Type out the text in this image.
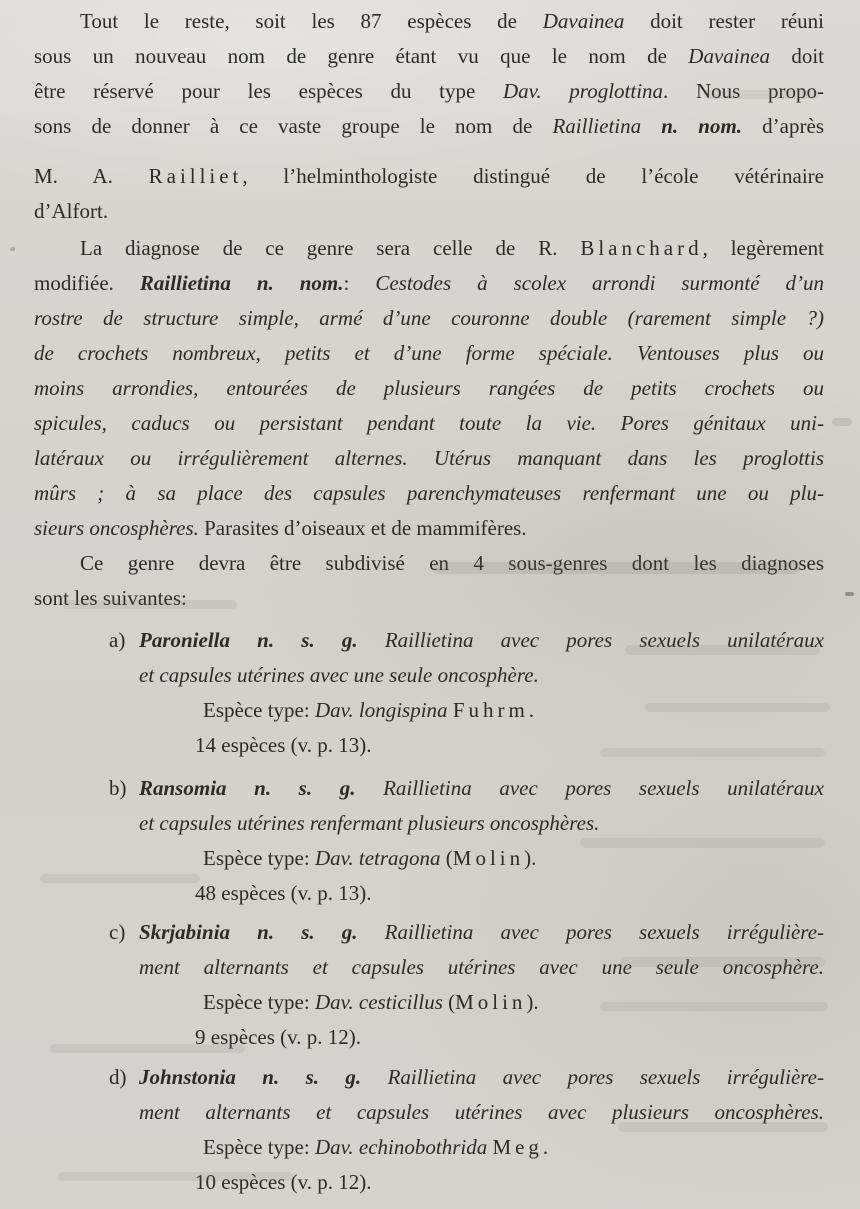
Tout le reste, soit les 87 espèces de Davainea doit rester réuni
sous un nouveau nom de genre étant vu que le nom de Davainea doit
être réservé pour les espèces du type Dav. proglottina. Nous propo-
sons de donner à ce vaste groupe le nom de Raillietina n. nom. d’après
M. A. Railliet, l’helminthologiste distingué de l’école vétérinaire
d’Alfort.
La diagnose de ce genre sera celle de R. Blanchard, legèrement
modifiée. Raillietina n. nom.: Cestodes à scolex arrondi surmonté d’un
rostre de structure simple, armé d’une couronne double (rarement simple ?)
de crochets nombreux, petits et d’une forme spéciale. Ventouses plus ou
moins arrondies, entourées de plusieurs rangées de petits crochets ou
spicules, caducs ou persistant pendant toute la vie. Pores génitaux uni-
latéraux ou irrégulièrement alternes. Utérus manquant dans les proglottis
mûrs ; à sa place des capsules parenchymateuses renfermant une ou plu-
sieurs oncosphères. Parasites d’oiseaux et de mammifères.
Ce genre devra être subdivisé en 4 sous-genres dont les diagnoses
sont les suivantes:
a) Paroniella n. s. g. Raillietina avec pores sexuels unilatéraux
et capsules utérines avec une seule oncosphère.
Espèce type: Dav. longispina Fuhrm.
14 espèces (v. p. 13).
b) Ransomia n. s. g. Raillietina avec pores sexuels unilatéraux
et capsules utérines renfermant plusieurs oncosphères.
Espèce type: Dav. tetragona (Molin).
48 espèces (v. p. 13).
c) Skrjabinia n. s. g. Raillietina avec pores sexuels irrégulière-
ment alternants et capsules utérines avec une seule oncosphère.
Espèce type: Dav. cesticillus (Molin).
9 espèces (v. p. 12).
d) Johnstonia n. s. g. Raillietina avec pores sexuels irrégulière-
ment alternants et capsules utérines avec plusieurs oncosphères.
Espèce type: Dav. echinobothrida Meg.
10 espèces (v. p. 12).
